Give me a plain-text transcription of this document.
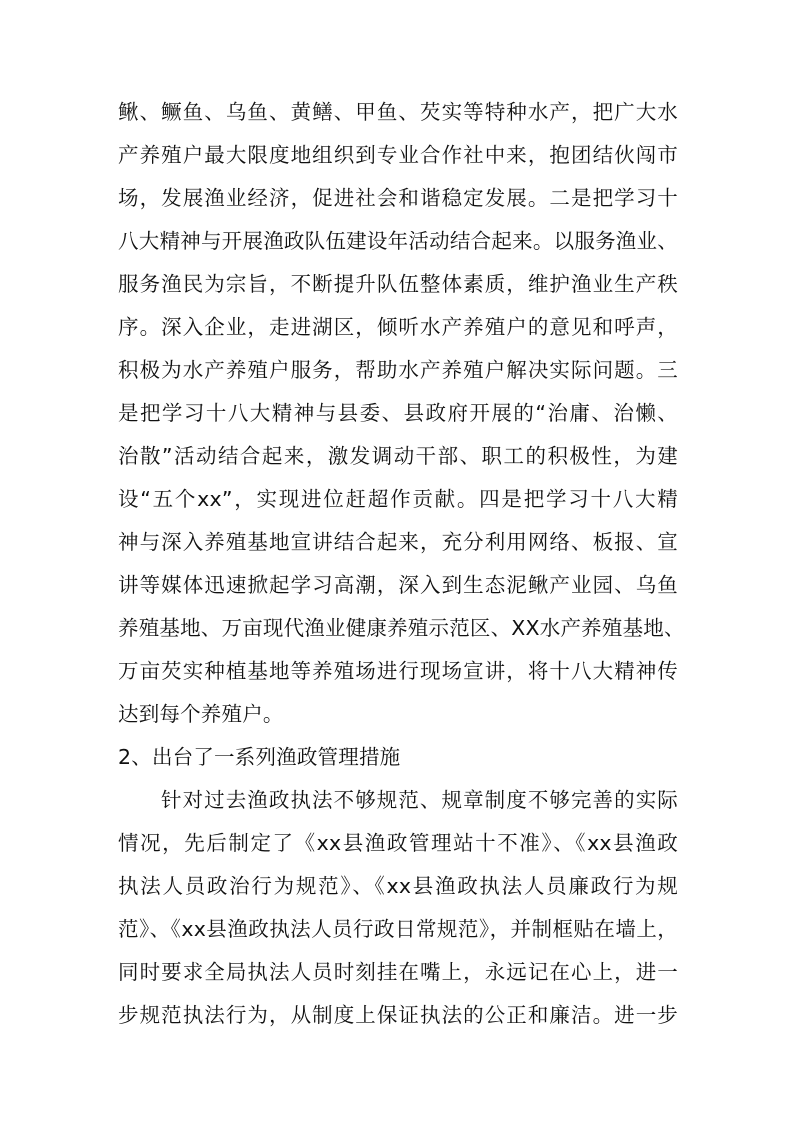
鳅、鳜鱼、乌鱼、黄鳝、甲鱼、芡实等特种水产，把广大水
产养殖户最大限度地组织到专业合作社中来，抱团结伙闯市
场，发展渔业经济，促进社会和谐稳定发展。二是把学习十
八大精神与开展渔政队伍建设年活动结合起来。以服务渔业、
服务渔民为宗旨，不断提升队伍整体素质，维护渔业生产秩
序。深入企业，走进湖区，倾听水产养殖户的意见和呼声，
积极为水产养殖户服务，帮助水产养殖户解决实际问题。三
是把学习十八大精神与县委、县政府开展的“治庸、治懒、
治散”活动结合起来，激发调动干部、职工的积极性，为建
设“五个xx”，实现进位赶超作贡献。四是把学习十八大精
神与深入养殖基地宣讲结合起来，充分利用网络、板报、宣
讲等媒体迅速掀起学习高潮，深入到生态泥鳅产业园、乌鱼
养殖基地、万亩现代渔业健康养殖示范区、XX水产养殖基地、
万亩芡实种植基地等养殖场进行现场宣讲，将十八大精神传
达到每个养殖户。
2、出台了一系列渔政管理措施
针对过去渔政执法不够规范、规章制度不够完善的实际
情况，先后制定了《xx县渔政管理站十不准》、《xx县渔政
执法人员政治行为规范》、《xx县渔政执法人员廉政行为规
范》、《xx县渔政执法人员行政日常规范》，并制框贴在墙上，
同时要求全局执法人员时刻挂在嘴上，永远记在心上，进一
步规范执法行为，从制度上保证执法的公正和廉洁。进一步
